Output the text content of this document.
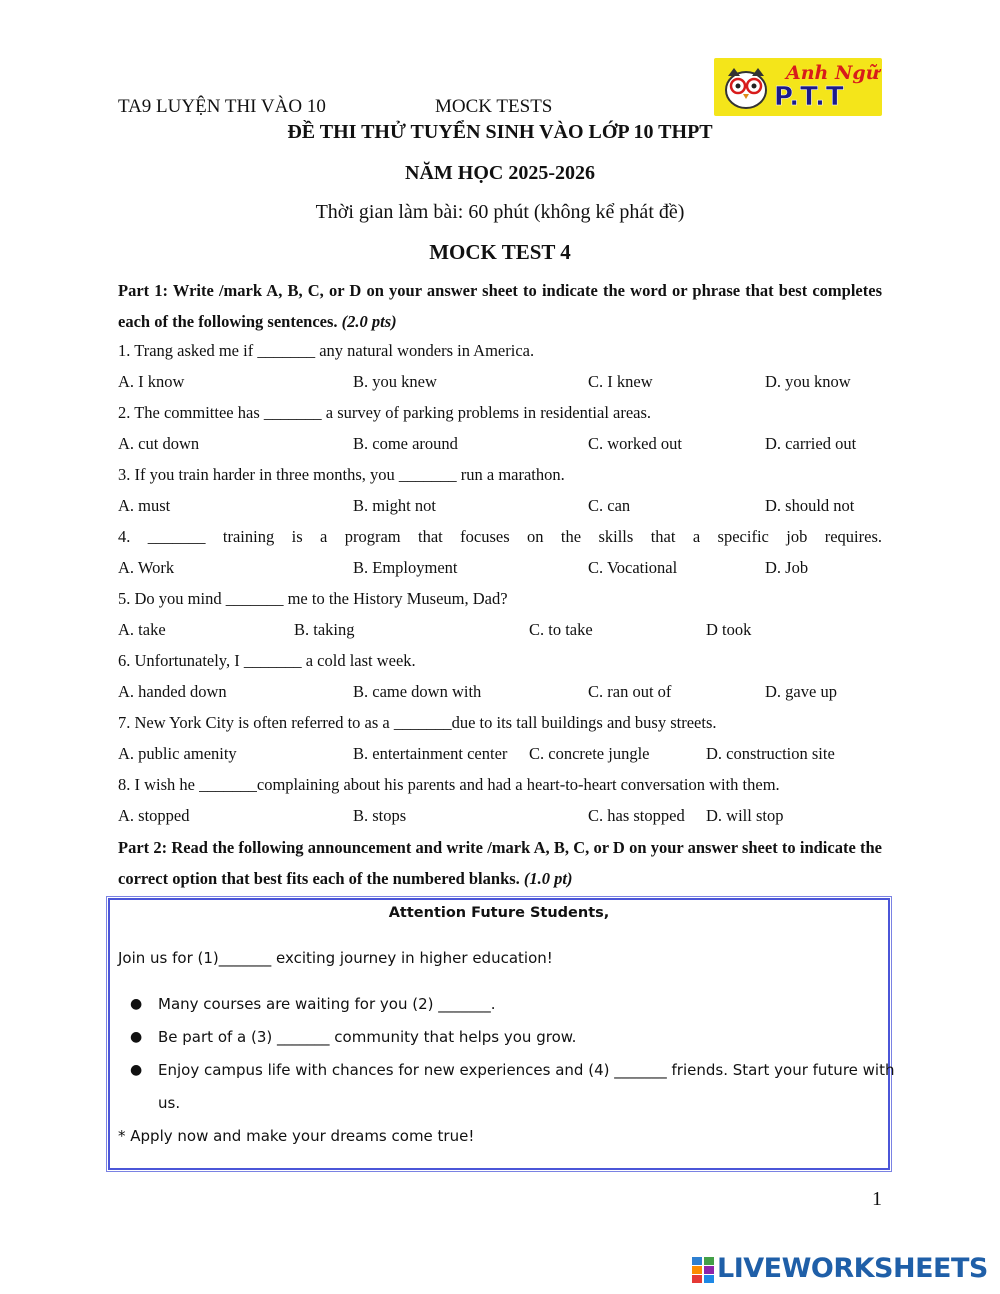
TA9 LUYỆN THI VÀO 10	MOCK TESTS
Anh Ngữ
P.T.T
ĐỀ THI THỬ TUYỂN SINH VÀO LỚP 10 THPT
NĂM HỌC 2025-2026
Thời gian làm bài: 60 phút (không kể phát đề)
MOCK TEST 4
Part 1: Write /mark A, B, C, or D on your answer sheet to indicate the word or phrase that best completes each of the following sentences. (2.0 pts)
1. Trang asked me if _______ any natural wonders in America.
A. I know	B. you knew	C. I knew	D. you know
2. The committee has _______ a survey of parking problems in residential areas.
A. cut down	B. come around	C. worked out	D. carried out
3. If you train harder in three months, you _______ run a marathon.
A. must	B. might not	C. can	D. should not
4. _______ training is a program that focuses on the skills that a specific job requires.
A. Work	B. Employment	C. Vocational	D. Job
5. Do you mind _______ me to the History Museum, Dad?
A. take	B. taking	C. to take	D took
6. Unfortunately, I _______ a cold last week.
A. handed down	B. came down with	C. ran out of	D. gave up
7. New York City is often referred to as a _______due to its tall buildings and busy streets.
A. public amenity	B. entertainment center C. concrete jungle	D. construction site
8. I wish he _______complaining about his parents and had a heart-to-heart conversation with them.
A. stopped	B. stops	C. has stopped D. will stop
Part 2: Read the following announcement and write /mark A, B, C, or D on your answer sheet to indicate the correct option that best fits each of the numbered blanks. (1.0 pt)
Attention Future Students,
Join us for (1)_______ exciting journey in higher education!
● Many courses are waiting for you (2) _______.
● Be part of a (3) _______ community that helps you grow.
● Enjoy campus life with chances for new experiences and (4) _______ friends. Start your future with
us.
* Apply now and make your dreams come true!
1
LIVEWORKSHEETS
